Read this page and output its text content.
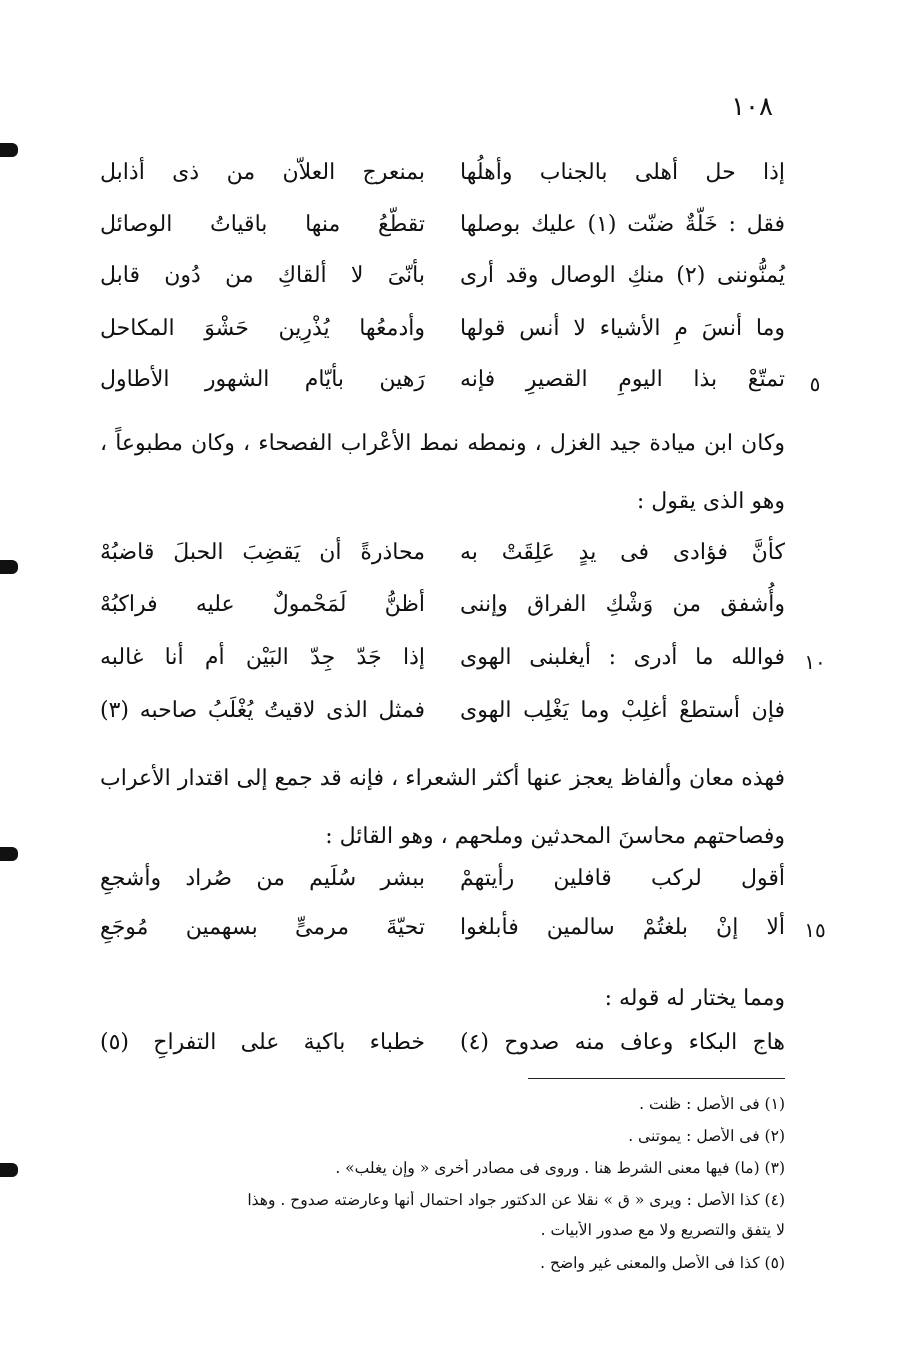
١٠٨
إذا حل أهلى بالجناب وأهلُها
بمنعرج العلاّن من ذى أذابل
فقل : خَلّةٌ ضنّت (١) عليك بوصلها
تقطّعُ منها باقياتُ الوصائل
يُمنُّوننى (٢) منكِ الوصال وقد أرى
بأنّىَ لا ألقاكِ من دُون قابل
وما أنسَ مِ الأشياء لا أنس قولها
وأدمعُها يُذْرِين حَشْوَ المكاحل
تمتّعْ بذا اليومِ القصيرِ فإنه
رَهين بأيّام الشهور الأطاول	٥
وكان ابن ميادة جيد الغزل ، ونمطه نمط الأعْراب الفصحاء ، وكان مطبوعاً ، وهو الذى يقول :
كأنَّ فؤادى فى يدٍ عَلِقَتْ به
محاذرةً أن يَقضِبَ الحبلَ قاضبُهْ
وأُشفق من وَشْكِ الفراق وإننى
أظنُّ لَمَحْمولٌ عليه فراكبُهْ
فوالله ما أدرى : أيغلبنى الهوى
إذا جَدّ جِدّ البَيْن أم أنا غالبه	١٠
فإن أستطعْ أغلِبْ وما يَغْلِب الهوى
فمثل الذى لاقيتُ يُغْلَبُ صاحبه (٣)
فهذه معان وألفاظ يعجز عنها أكثر الشعراء ، فإنه قد جمع إلى اقتدار الأعراب وفصاحتهم محاسنَ المحدثين وملحهم ، وهو القائل :
أقول لركب قافلين رأيتهمْ
ببشر سُلَيم من صُراد وأشجعِ
ألا إنْ بلغتُمْ سالمين فأبلغوا
تحيّةَ مرمىٍّ بسهمين مُوجَعِ	١٥
ومما يختار له قوله :
هاج البكاء وعاف منه صدوح (٤)
خطباء باكية على التفراحِ (٥)
(١) فى الأصل : ظنت .
(٢) فى الأصل : يموتنى .
(٣) (ما) فيها معنى الشرط هنا . وروى فى مصادر أخرى « وإن يغلب» .
(٤) كذا الأصل : ويرى « ق » نقلا عن الدكتور جواد احتمال أنها وعارضته صدوح . وهذا
لا يتفق والتصريع ولا مع صدور الأبيات .
(٥) كذا فى الأصل والمعنى غير واضح .
